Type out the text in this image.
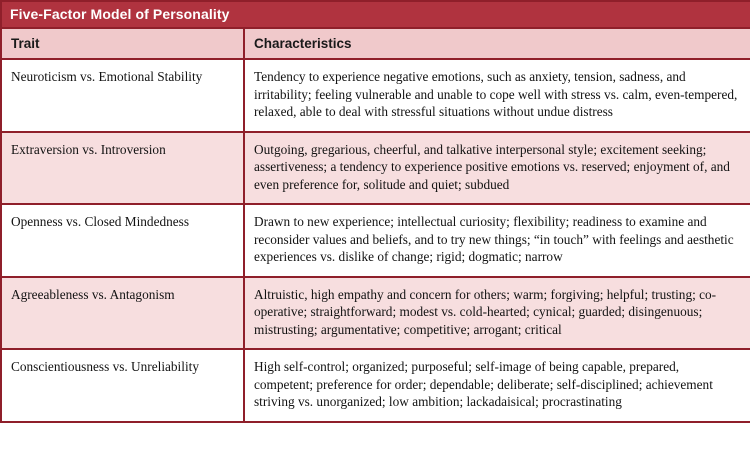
Five-Factor Model of Personality	
Trait	Characteristics
Neuroticism vs. Emotional Stability	Tendency to experience negative emotions, such as anxiety, tension, sadness, and irritability; feeling vulnerable and unable to cope well with stress vs. calm, even-tempered, relaxed, able to deal with stressful situations without undue distress
Extraversion vs. Introversion	Outgoing, gregarious, cheerful, and talkative interpersonal style; excitement seeking; assertiveness; a tendency to experience positive emotions vs. reserved; enjoyment of, and even preference for, solitude and quiet; subdued
Openness vs. Closed Mindedness	Drawn to new experience; intellectual curiosity; flexibility; readiness to examine and reconsider values and beliefs, and to try new things; “in touch” with feelings and aesthetic experiences vs. dislike of change; rigid; dogmatic; narrow
Agreeableness vs. Antagonism	Altruistic, high empathy and concern for others; warm; forgiving; helpful; trusting; co-operative; straightforward; modest vs. cold-hearted; cynical; guarded; disingenuous; mistrusting; argumentative; competitive; arrogant; critical
Conscientiousness vs. Unreliability	High self-control; organized; purposeful; self-image of being capable, prepared, competent; preference for order; dependable; deliberate; self-disciplined; achievement striving vs. unorganized; low ambition; lackadaisical; procrastinating
